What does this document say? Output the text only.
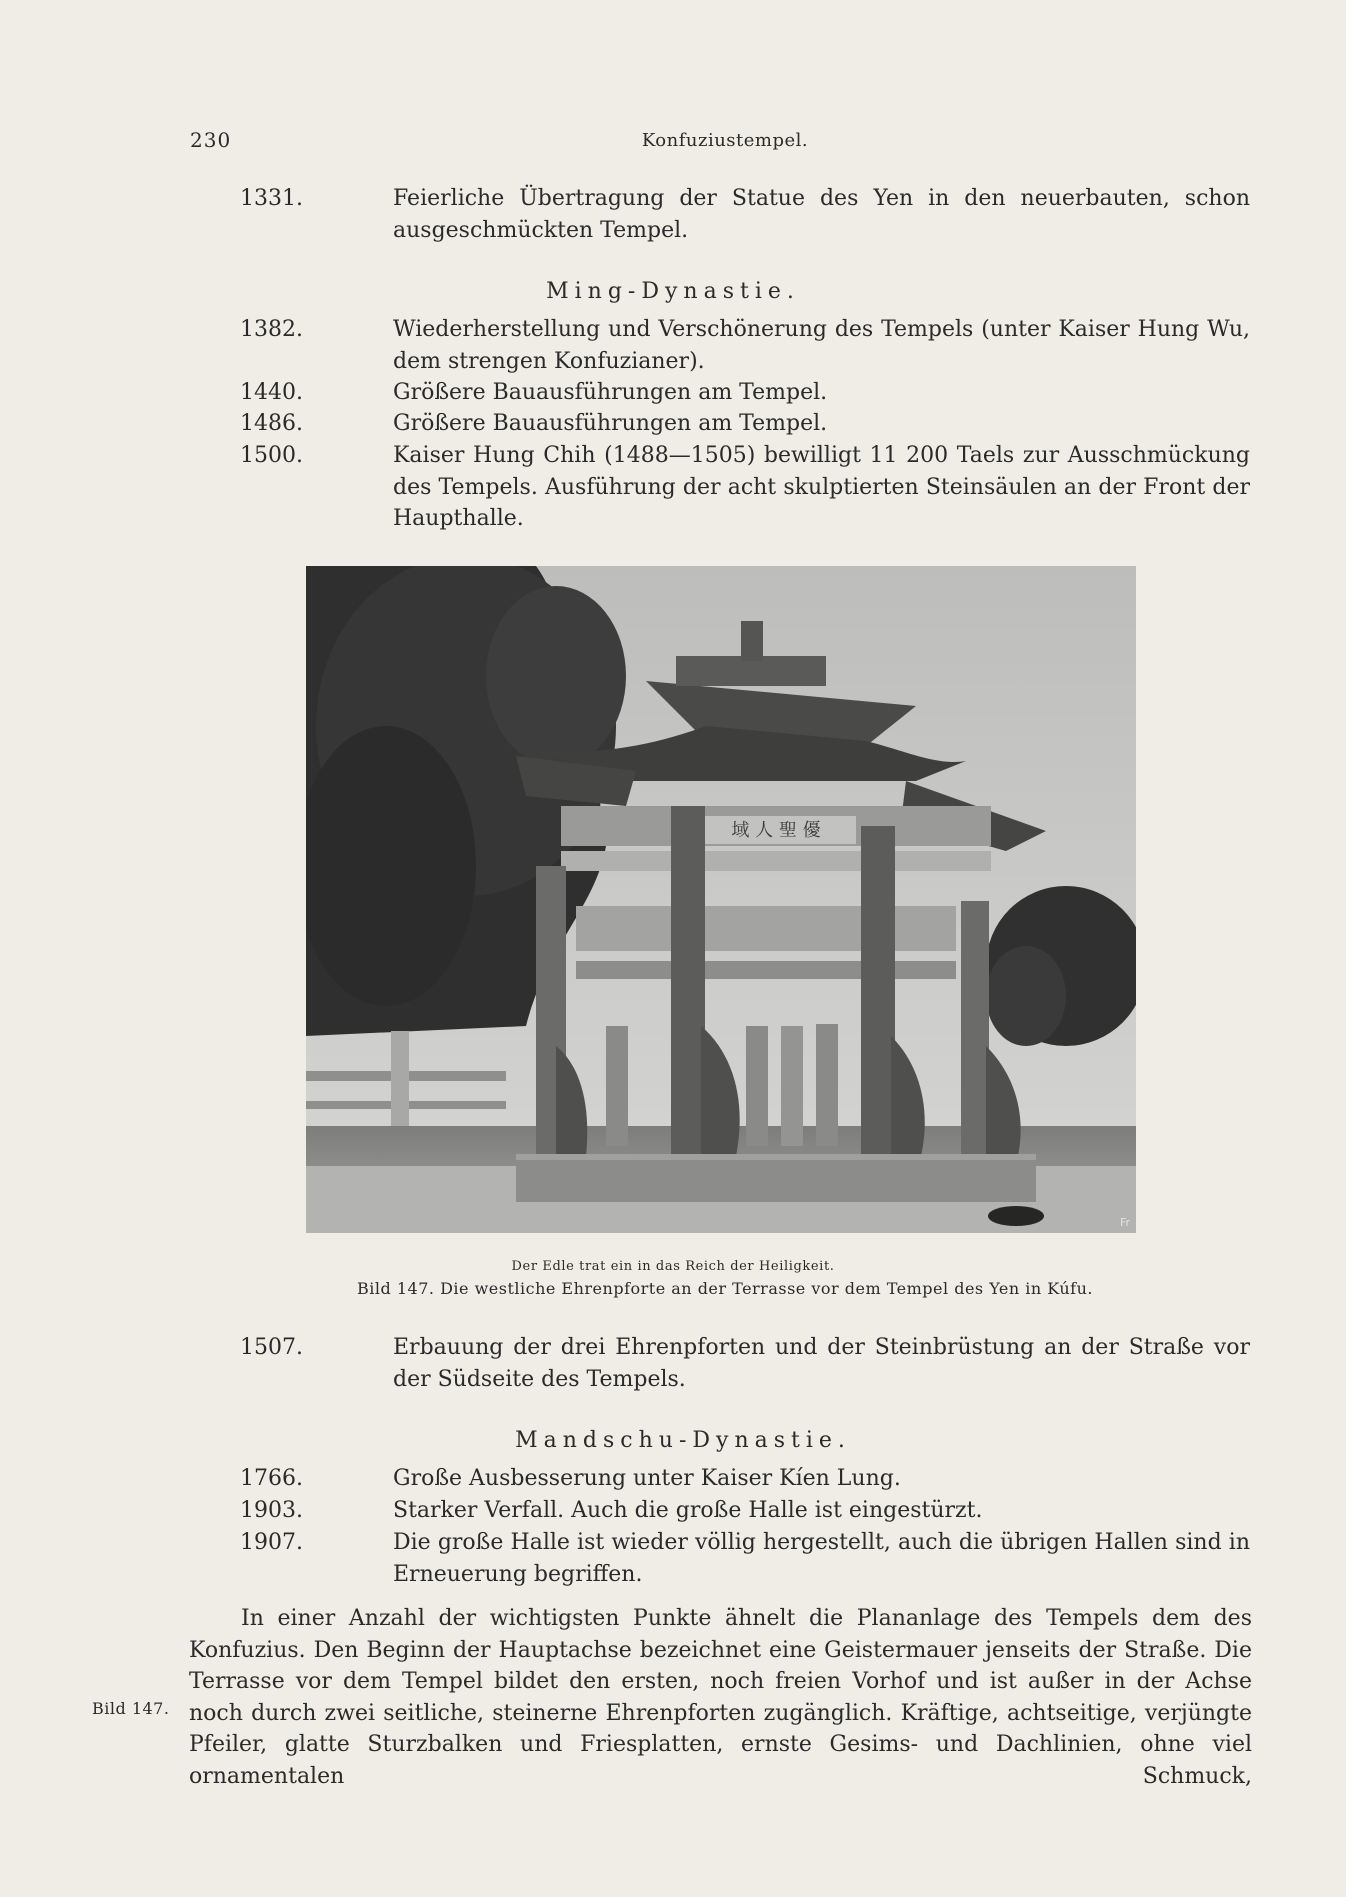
230	Konfuziustempel.
1331.	Feierliche Übertragung der Statue des Yen in den neuerbauten, schon ausgeschmückten Tempel.
Ming-Dynastie.
1382.	Wiederherstellung und Verschönerung des Tempels (unter Kaiser Hung Wu, dem strengen Konfuzianer).
1440.	Größere Bauausführungen am Tempel.
1486.	Größere Bauausführungen am Tempel.
1500.	Kaiser Hung Chih (1488—1505) bewilligt 11 200 Taels zur Ausschmückung des Tempels. Ausführung der acht skulptierten Steinsäulen an der Front der Haupthalle.
域 人 聖 優
Fr
Der Edle trat ein in das Reich der Heiligkeit.
Bild 147. Die westliche Ehrenpforte an der Terrasse vor dem Tempel des Yen in Kúfu.
1507.	Erbauung der drei Ehrenpforten und der Steinbrüstung an der Straße vor der Südseite des Tempels.
Mandschu-Dynastie.
1766.	Große Ausbesserung unter Kaiser Kíen Lung.
1903.	Starker Verfall. Auch die große Halle ist eingestürzt.
1907.	Die große Halle ist wieder völlig hergestellt, auch die übrigen Hallen sind in Erneuerung begriffen.
Bild 147.
In einer Anzahl der wichtigsten Punkte ähnelt die Plananlage des Tempels dem des Konfuzius. Den Beginn der Hauptachse bezeichnet eine Geistermauer jenseits der Straße. Die Terrasse vor dem Tempel bildet den ersten, noch freien Vorhof und ist außer in der Achse noch durch zwei seitliche, steinerne Ehrenpforten zugänglich. Kräftige, achtseitige, verjüngte Pfeiler, glatte Sturzbalken und Friesplatten, ernste Gesims- und Dachlinien, ohne viel ornamentalen Schmuck,
